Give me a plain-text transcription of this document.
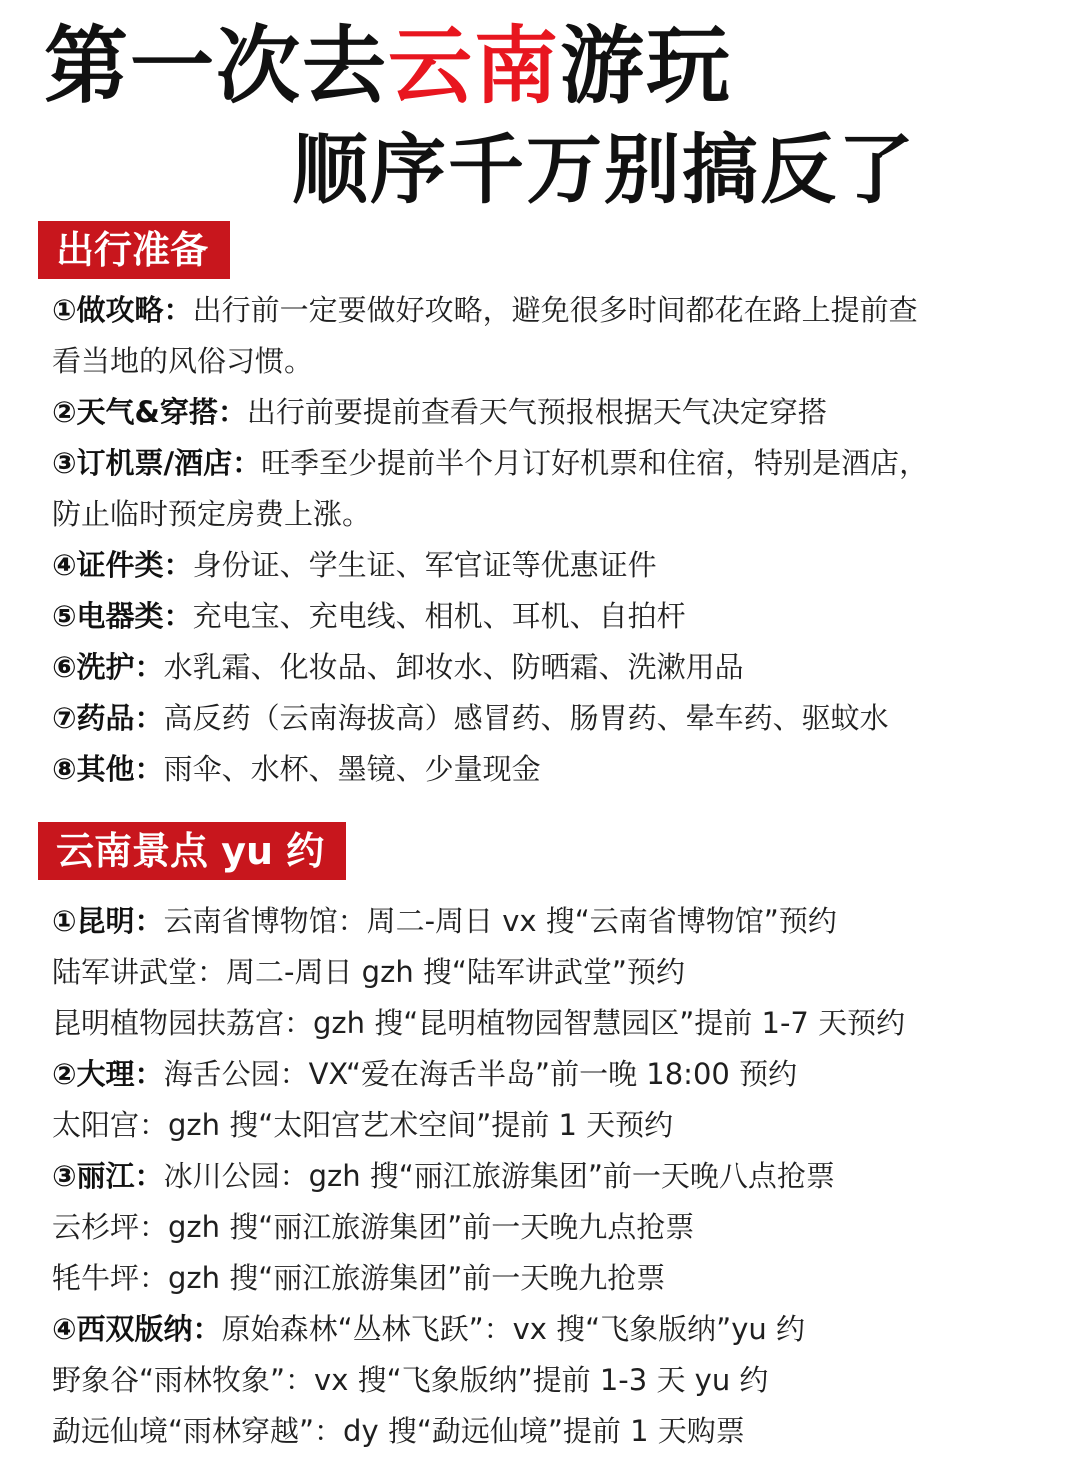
第一次去云南游玩
顺序千万别搞反了
出行准备
①做攻略：出行前一定要做好攻略，避免很多时间都花在路上提前查
看当地的风俗习惯。
②天气&穿搭：出行前要提前查看天气预报根据天气决定穿搭
③订机票/酒店：旺季至少提前半个月订好机票和住宿，特别是酒店，
防止临时预定房费上涨。
④证件类：身份证、学生证、军官证等优惠证件
⑤电器类：充电宝、充电线、相机、耳机、自拍杆
⑥洗护：水乳霜、化妆品、卸妆水、防晒霜、洗漱用品
⑦药品：高反药（云南海拔高）感冒药、肠胃药、晕车药、驱蚊水
⑧其他：雨伞、水杯、墨镜、少量现金
云南景点 yu 约
①昆明：云南省博物馆：周二-周日 vx 搜“云南省博物馆”预约
陆军讲武堂：周二-周日 gzh 搜“陆军讲武堂”预约
昆明植物园扶荔宫：gzh 搜“昆明植物园智慧园区”提前 1-7 天预约
②大理：海舌公园：VX“爱在海舌半岛”前一晚 18:00 预约
太阳宫：gzh 搜“太阳宫艺术空间”提前 1 天预约
③丽江：冰川公园：gzh 搜“丽江旅游集团”前一天晚八点抢票
云杉坪：gzh 搜“丽江旅游集团”前一天晚九点抢票
牦牛坪：gzh 搜“丽江旅游集团”前一天晚九抢票
④西双版纳：原始森林“丛林飞跃”：vx 搜“飞象版纳”yu 约
野象谷“雨林牧象”：vx 搜“飞象版纳”提前 1-3 天 yu 约
勐远仙境“雨林穿越”：dy 搜“勐远仙境”提前 1 天购票
